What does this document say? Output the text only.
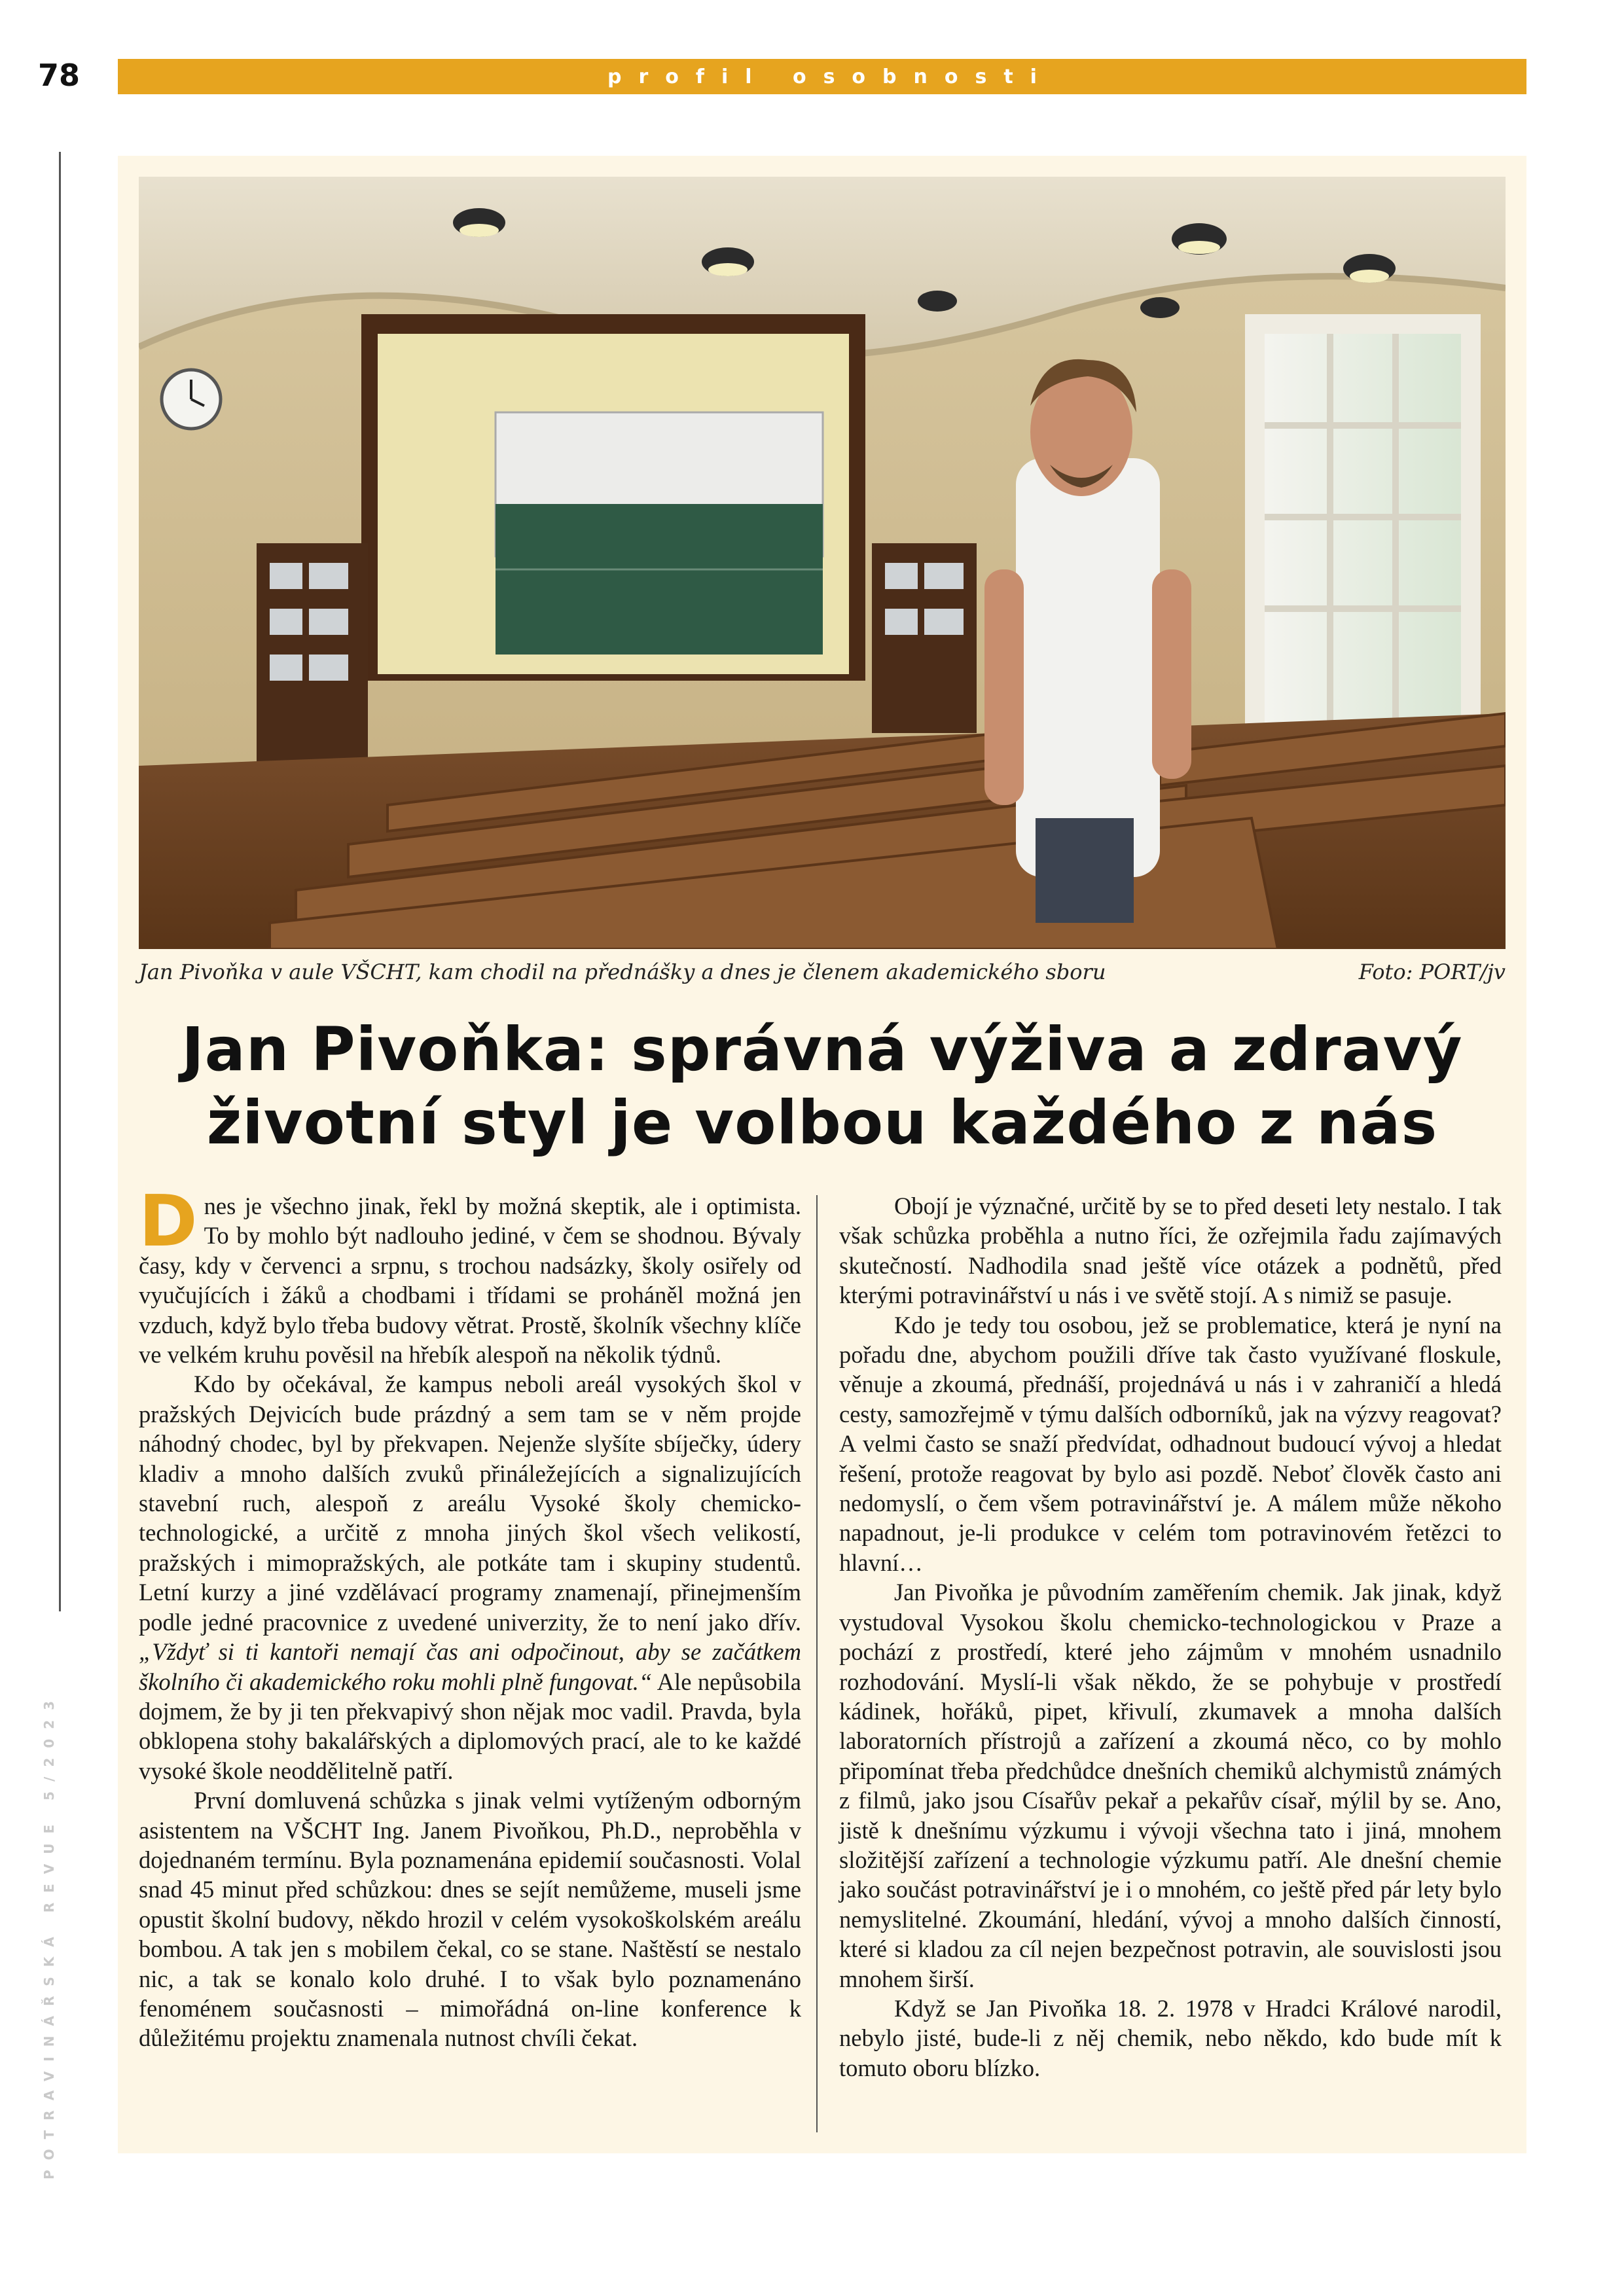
78	profil osobnosti
POTRAVINÁŘSKÁ REVUE 5/2023
Jan Pivoňka v aule VŠCHT, kam chodil na přednášky a dnes je členem akademického sboru	Foto: PORT/jv
Jan Pivoňka: správná výživa a zdravý
životní styl je volbou každého z nás

Dnes je všechno jinak, řekl by možná skeptik, ale i optimista. To by mohlo být nadlouho jediné, v čem se shodnou. Bývaly časy, kdy v červenci a srpnu, s trochou nadsázky, školy osiřely od vyučujících i žáků a chodbami i třídami se proháněl možná jen vzduch, když bylo třeba budovy větrat. Prostě, školník všechny klíče ve velkém kruhu pověsil na hřebík alespoň na několik týdnů.

Kdo by očekával, že kampus neboli areál vysokých škol v pražských Dejvicích bude prázdný a sem tam se v něm projde náhodný chodec, byl by překvapen. Nejenže slyšíte sbíječky, údery kladiv a mnoho dalších zvuků přináležejících a signalizujících stavební ruch, alespoň z areálu Vysoké školy chemicko-technologické, a určitě z mnoha jiných škol všech velikostí, pražských i mimopražských, ale potkáte tam i skupiny studentů. Letní kurzy a jiné vzdělávací programy znamenají, přinejmenším podle jedné pracovnice z uvedené univerzity, že to není jako dřív. „Vždyť si ti kantoři nemají čas ani odpočinout, aby se začátkem školního či akademického roku mohli plně fungovat.“ Ale nepůsobila dojmem, že by ji ten překvapivý shon nějak moc vadil. Pravda, byla obklopena stohy bakalářských a diplomových prací, ale to ke každé vysoké škole neoddělitelně patří.

První domluvená schůzka s jinak velmi vytíženým odborným asistentem na VŠCHT Ing. Janem Pivoňkou, Ph.D., neproběhla v dojednaném termínu. Byla poznamenána epidemií současnosti. Volal snad 45 minut před schůzkou: dnes se sejít nemůžeme, museli jsme opustit školní budovy, někdo hrozil v celém vysokoškolském areálu bombou. A tak jen s mobilem čekal, co se stane. Naštěstí se nestalo nic, a tak se konalo kolo druhé. I to však bylo poznamenáno fenoménem současnosti – mimořádná on-line konference k důležitému projektu znamenala nutnost chvíli čekat.

Obojí je význačné, určitě by se to před deseti lety nestalo. I tak však schůzka proběhla a nutno říci, že ozřejmila řadu zajímavých skutečností. Nadhodila snad ještě více otázek a podnětů, před kterými potravinářství u nás i ve světě stojí. A s nimiž se pasuje.

Kdo je tedy tou osobou, jež se problematice, která je nyní na pořadu dne, abychom použili dříve tak často využívané floskule, věnuje a zkoumá, přednáší, projednává u nás i v zahraničí a hledá cesty, samozřejmě v týmu dalších odborníků, jak na výzvy reagovat? A velmi často se snaží předvídat, odhadnout budoucí vývoj a hledat řešení, protože reagovat by bylo asi pozdě. Neboť člověk často ani nedomyslí, o čem všem potravinářství je. A málem může někoho napadnout, je-li produkce v celém tom potravinovém řetězci to hlavní…

Jan Pivoňka je původním zaměřením chemik. Jak jinak, když vystudoval Vysokou školu chemicko-technologickou v Praze a pochází z prostředí, které jeho zájmům v mnohém usnadnilo rozhodování. Myslí-li však někdo, že se pohybuje v prostředí kádinek, hořáků, pipet, křivulí, zkumavek a mnoha dalších laboratorních přístrojů a zařízení a zkoumá něco, co by mohlo připomínat třeba předchůdce dnešních chemiků alchymistů známých z filmů, jako jsou Císařův pekař a pekařův císař, mýlil by se. Ano, jistě k dnešnímu výzkumu i vývoji všechna tato i jiná, mnohem složitější zařízení a technologie výzkumu patří. Ale dnešní chemie jako součást potravinářství je i o mnohém, co ještě před pár lety bylo nemyslitelné. Zkoumání, hledání, vývoj a mnoho dalších činností, které si kladou za cíl nejen bezpečnost potravin, ale souvislosti jsou mnohem širší.

Když se Jan Pivoňka 18. 2. 1978 v Hradci Králové narodil, nebylo jisté, bude-li z něj chemik, nebo někdo, kdo bude mít k tomuto oboru blízko.
